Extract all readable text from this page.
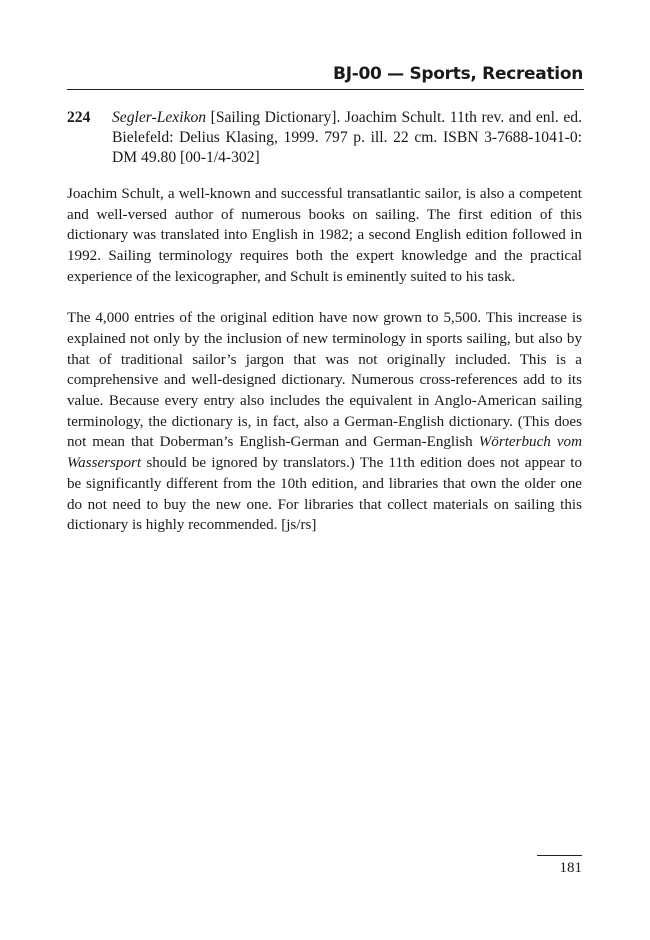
BJ-00 — Sports, Recreation
224 Segler-Lexikon [Sailing Dictionary]. Joachim Schult. 11th rev. and enl. ed. Bielefeld: Delius Klasing, 1999. 797 p. ill. 22 cm. ISBN 3-7688-1041-0: DM 49.80 [00-1/4-302]

Joachim Schult, a well-known and successful transatlantic sailor, is also a competent and well-versed author of numerous books on sailing. The first edition of this dictionary was translated into English in 1982; a second English edition followed in 1992. Sailing terminology requires both the expert knowledge and the practical experience of the lexicographer, and Schult is eminently suited to his task.

The 4,000 entries of the original edition have now grown to 5,500. This increase is explained not only by the inclusion of new terminology in sports sailing, but also by that of traditional sailor’s jargon that was not originally included. This is a comprehensive and well-designed dictionary. Numerous cross-references add to its value. Because every entry also includes the equivalent in Anglo-American sailing terminology, the dictionary is, in fact, also a German-English dictionary. (This does not mean that Doberman’s English-German and German-English Wörterbuch vom Wassersport should be ignored by translators.) The 11th edition does not appear to be significantly different from the 10th edition, and libraries that own the older one do not need to buy the new one. For libraries that collect materials on sailing this dictionary is highly recommended. [js/rs]

181
